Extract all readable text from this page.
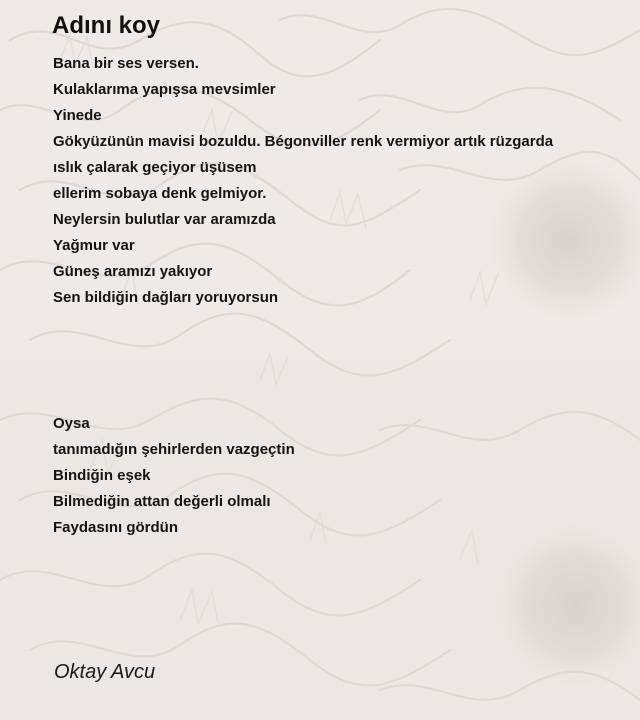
Adını koy
Bana bir ses versen.
Kulaklarıma yapışsa mevsimler
Yinede
Gökyüzünün mavisi bozuldu. Bégonviller renk vermiyor artık rüzgarda
ıslık çalarak geçiyor üşüsem
ellerim sobaya denk gelmiyor.
Neylersin bulutlar var aramızda
Yağmur var
Güneş aramızı yakıyor
Sen bildiğin dağları yoruyorsun
Oysa
tanımadığın şehirlerden vazgeçtin
Bindiğin eşek
Bilmediğin attan değerli olmalı
Faydasını gördün
Oktay Avcu
